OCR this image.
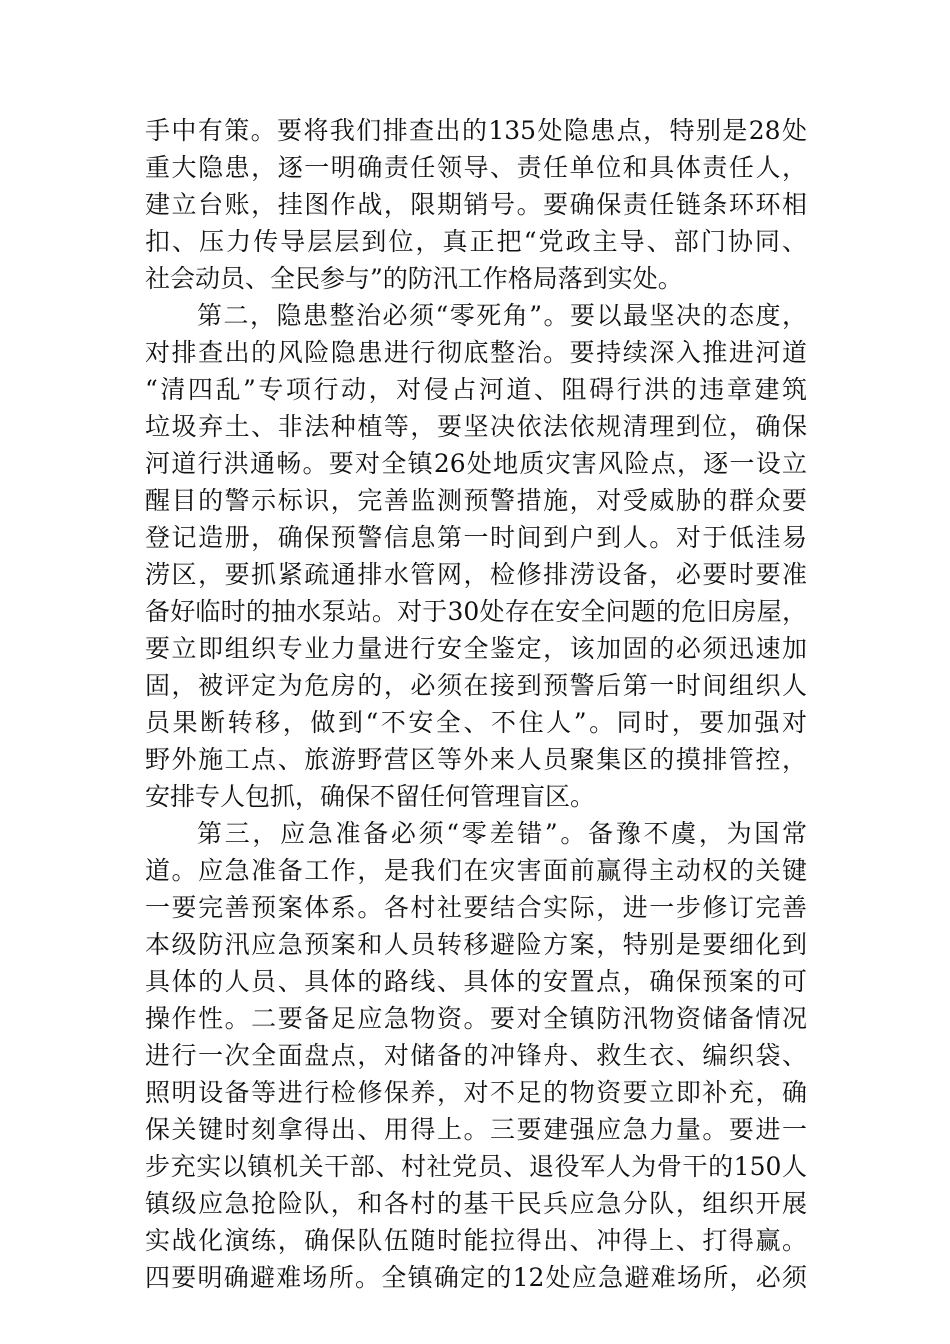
手中有策。要将我们排查出的135处隐患点，特别是28处
重大隐患，逐一明确责任领导、责任单位和具体责任人，
建立台账，挂图作战，限期销号。要确保责任链条环环相
扣、压力传导层层到位，真正把“党政主导、部门协同、
社会动员、全民参与”的防汛工作格局落到实处。
第二，隐患整治必须“零死角”。要以最坚决的态度，
对排查出的风险隐患进行彻底整治。要持续深入推进河道
“清四乱”专项行动，对侵占河道、阻碍行洪的违章建筑
垃圾弃土、非法种植等，要坚决依法依规清理到位，确保
河道行洪通畅。要对全镇26处地质灾害风险点，逐一设立
醒目的警示标识，完善监测预警措施，对受威胁的群众要
登记造册，确保预警信息第一时间到户到人。对于低洼易
涝区，要抓紧疏通排水管网，检修排涝设备，必要时要准
备好临时的抽水泵站。对于30处存在安全问题的危旧房屋，
要立即组织专业力量进行安全鉴定，该加固的必须迅速加
固，被评定为危房的，必须在接到预警后第一时间组织人
员果断转移，做到“不安全、不住人”。同时，要加强对
野外施工点、旅游野营区等外来人员聚集区的摸排管控，
安排专人包抓，确保不留任何管理盲区。
第三，应急准备必须“零差错”。备豫不虞，为国常
道。应急准备工作，是我们在灾害面前赢得主动权的关键
一要完善预案体系。各村社要结合实际，进一步修订完善
本级防汛应急预案和人员转移避险方案，特别是要细化到
具体的人员、具体的路线、具体的安置点，确保预案的可
操作性。二要备足应急物资。要对全镇防汛物资储备情况
进行一次全面盘点，对储备的冲锋舟、救生衣、编织袋、
照明设备等进行检修保养，对不足的物资要立即补充，确
保关键时刻拿得出、用得上。三要建强应急力量。要进一
步充实以镇机关干部、村社党员、退役军人为骨干的150人
镇级应急抢险队，和各村的基干民兵应急分队，组织开展
实战化演练，确保队伍随时能拉得出、冲得上、打得赢。
四要明确避难场所。全镇确定的12处应急避难场所，必须
